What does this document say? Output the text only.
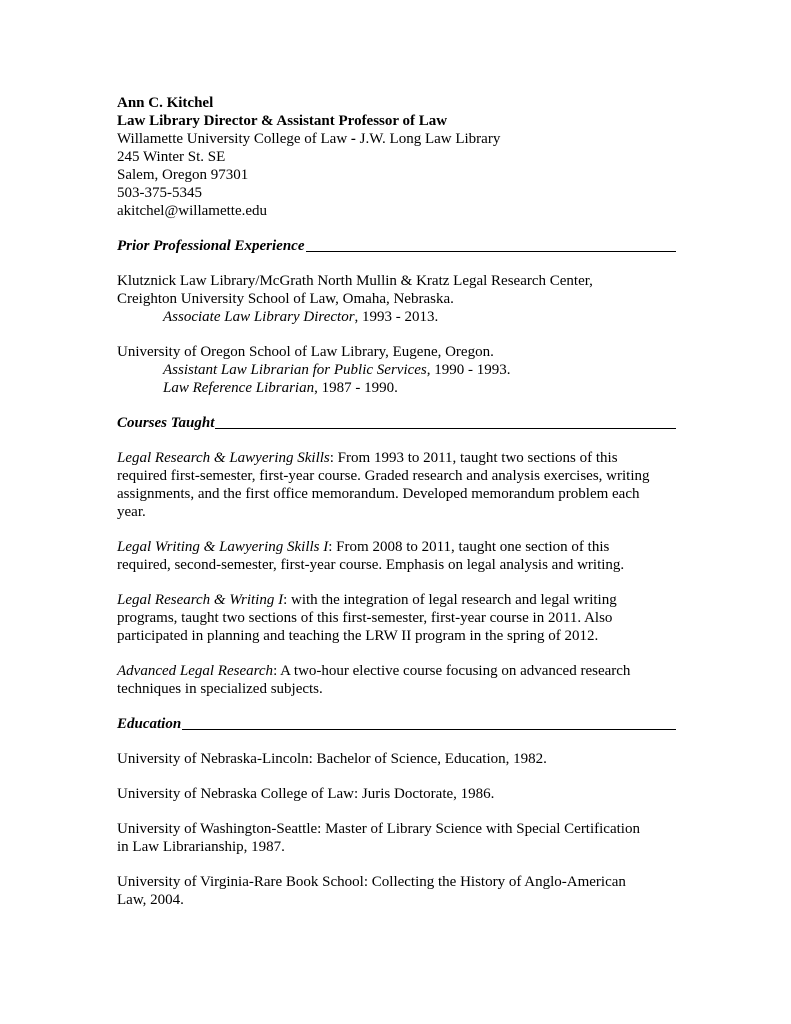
Ann C. Kitchel
Law Library Director & Assistant Professor of Law
Willamette University College of Law - J.W. Long Law Library
245 Winter St. SE
Salem, Oregon 97301
503-375-5345
akitchel@willamette.edu
Prior Professional Experience
Klutznick Law Library/McGrath North Mullin & Kratz Legal Research Center,
Creighton University School of Law, Omaha, Nebraska.
Associate Law Library Director, 1993 - 2013.
University of Oregon School of Law Library, Eugene, Oregon.
Assistant Law Librarian for Public Services, 1990 - 1993.
Law Reference Librarian, 1987 - 1990.
Courses Taught
Legal Research & Lawyering Skills: From 1993 to 2011, taught two sections of this
required first-semester, first-year course. Graded research and analysis exercises, writing
assignments, and the first office memorandum. Developed memorandum problem each
year.
Legal Writing & Lawyering Skills I: From 2008 to 2011, taught one section of this
required, second-semester, first-year course. Emphasis on legal analysis and writing.
Legal Research & Writing I: with the integration of legal research and legal writing
programs, taught two sections of this first-semester, first-year course in 2011. Also
participated in planning and teaching the LRW II program in the spring of 2012.
Advanced Legal Research: A two-hour elective course focusing on advanced research
techniques in specialized subjects.
Education
University of Nebraska-Lincoln: Bachelor of Science, Education, 1982.
University of Nebraska College of Law: Juris Doctorate, 1986.
University of Washington-Seattle: Master of Library Science with Special Certification
in Law Librarianship, 1987.
University of Virginia-Rare Book School: Collecting the History of Anglo-American
Law, 2004.
